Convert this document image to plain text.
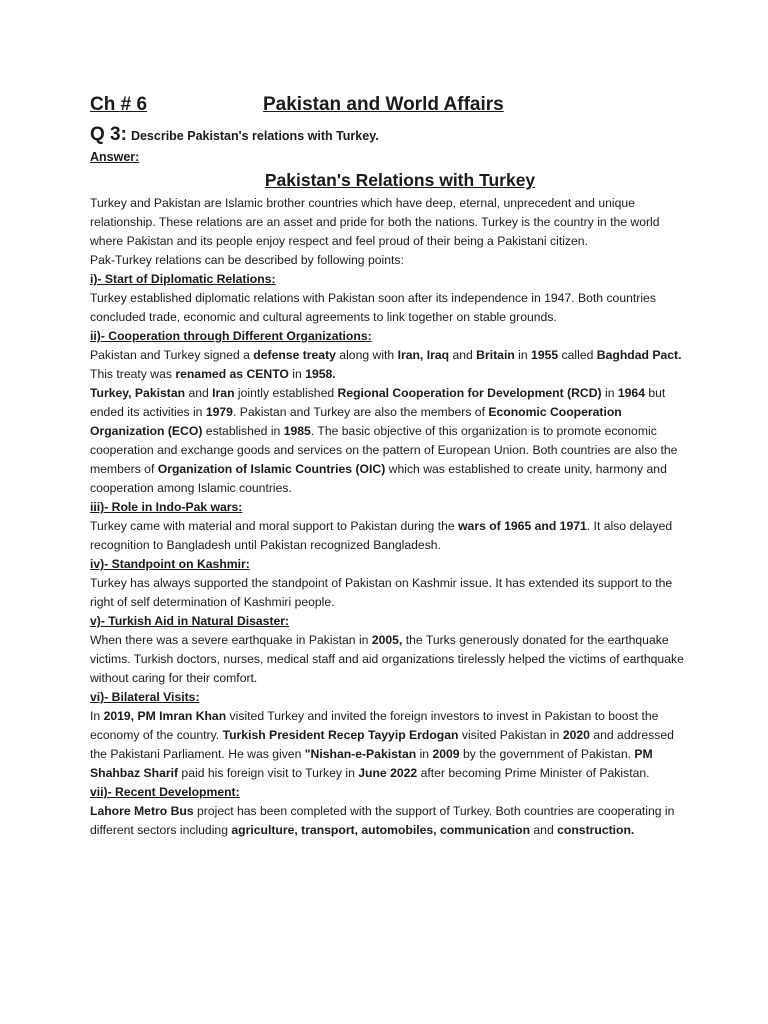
Ch # 6	Pakistan and World Affairs
Q 3: Describe Pakistan's relations with Turkey.
Answer:
Pakistan's Relations with Turkey

Turkey and Pakistan are Islamic brother countries which have deep, eternal, unprecedent and unique relationship. These relations are an asset and pride for both the nations. Turkey is the country in the world where Pakistan and its people enjoy respect and feel proud of their being a Pakistani citizen.

Pak-Turkey relations can be described by following points:

i)- Start of Diplomatic Relations:

Turkey established diplomatic relations with Pakistan soon after its independence in 1947. Both countries concluded trade, economic and cultural agreements to link together on stable grounds.

ii)- Cooperation through Different Organizations:

Pakistan and Turkey signed a defense treaty along with Iran, Iraq and Britain in 1955 called Baghdad Pact. This treaty was renamed as CENTO in 1958.

Turkey, Pakistan and Iran jointly established Regional Cooperation for Development (RCD) in 1964 but ended its activities in 1979. Pakistan and Turkey are also the members of Economic Cooperation Organization (ECO) established in 1985. The basic objective of this organization is to promote economic cooperation and exchange goods and services on the pattern of European Union. Both countries are also the members of Organization of Islamic Countries (OIC) which was established to create unity, harmony and cooperation among Islamic countries.

iii)- Role in Indo-Pak wars:

Turkey came with material and moral support to Pakistan during the wars of 1965 and 1971. It also delayed recognition to Bangladesh until Pakistan recognized Bangladesh.

iv)- Standpoint on Kashmir:

Turkey has always supported the standpoint of Pakistan on Kashmir issue. It has extended its support to the right of self determination of Kashmiri people.

v)- Turkish Aid in Natural Disaster:

When there was a severe earthquake in Pakistan in 2005, the Turks generously donated for the earthquake victims. Turkish doctors, nurses, medical staff and aid organizations tirelessly helped the victims of earthquake without caring for their comfort.

vi)- Bilateral Visits:

In 2019, PM Imran Khan visited Turkey and invited the foreign investors to invest in Pakistan to boost the economy of the country. Turkish President Recep Tayyip Erdogan visited Pakistan in 2020 and addressed the Pakistani Parliament. He was given "Nishan-e-Pakistan in 2009 by the government of Pakistan. PM Shahbaz Sharif paid his foreign visit to Turkey in June 2022 after becoming Prime Minister of Pakistan.

vii)- Recent Development:

Lahore Metro Bus project has been completed with the support of Turkey. Both countries are cooperating in different sectors including agriculture, transport, automobiles, communication and construction.
